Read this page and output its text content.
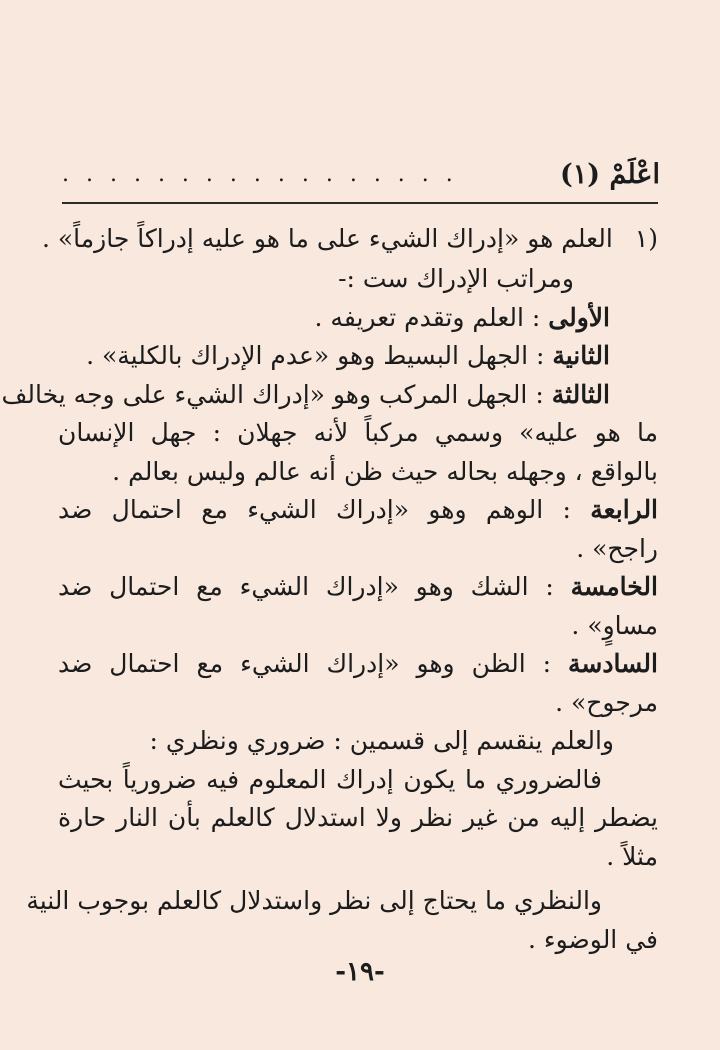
اعْلَمْ (١)
. . . . . . . . . . . . . . . . .
(١العلم هو «إدراك الشيء على ما هو عليه إدراكاً جازماً» .
ومراتب الإدراك ست :-
الأولى : العلم وتقدم تعريفه .
الثانية : الجهل البسيط وهو «عدم الإدراك بالكلية» .
الثالثة : الجهل المركب وهو «إدراك الشيء على وجه يخالف
ما هو عليه» وسمي مركباً لأنه جهلان : جهل الإنسان
بالواقع ، وجهله بحاله حيث ظن أنه عالم وليس بعالم .
الرابعة : الوهم وهو «إدراك الشيء مع احتمال ضد
راجح» .
الخامسة : الشك وهو «إدراك الشيء مع احتمال ضد
مساوٍ» .
السادسة : الظن وهو «إدراك الشيء مع احتمال ضد
مرجوح» .
والعلم ينقسم إلى قسمين : ضروري ونظري :
فالضروري ما يكون إدراك المعلوم فيه ضرورياً بحيث
يضطر إليه من غير نظر ولا استدلال كالعلم بأن النار حارة
مثلاً .
والنظري ما يحتاج إلى نظر واستدلال كالعلم بوجوب النية
في الوضوء .
-١٩-
